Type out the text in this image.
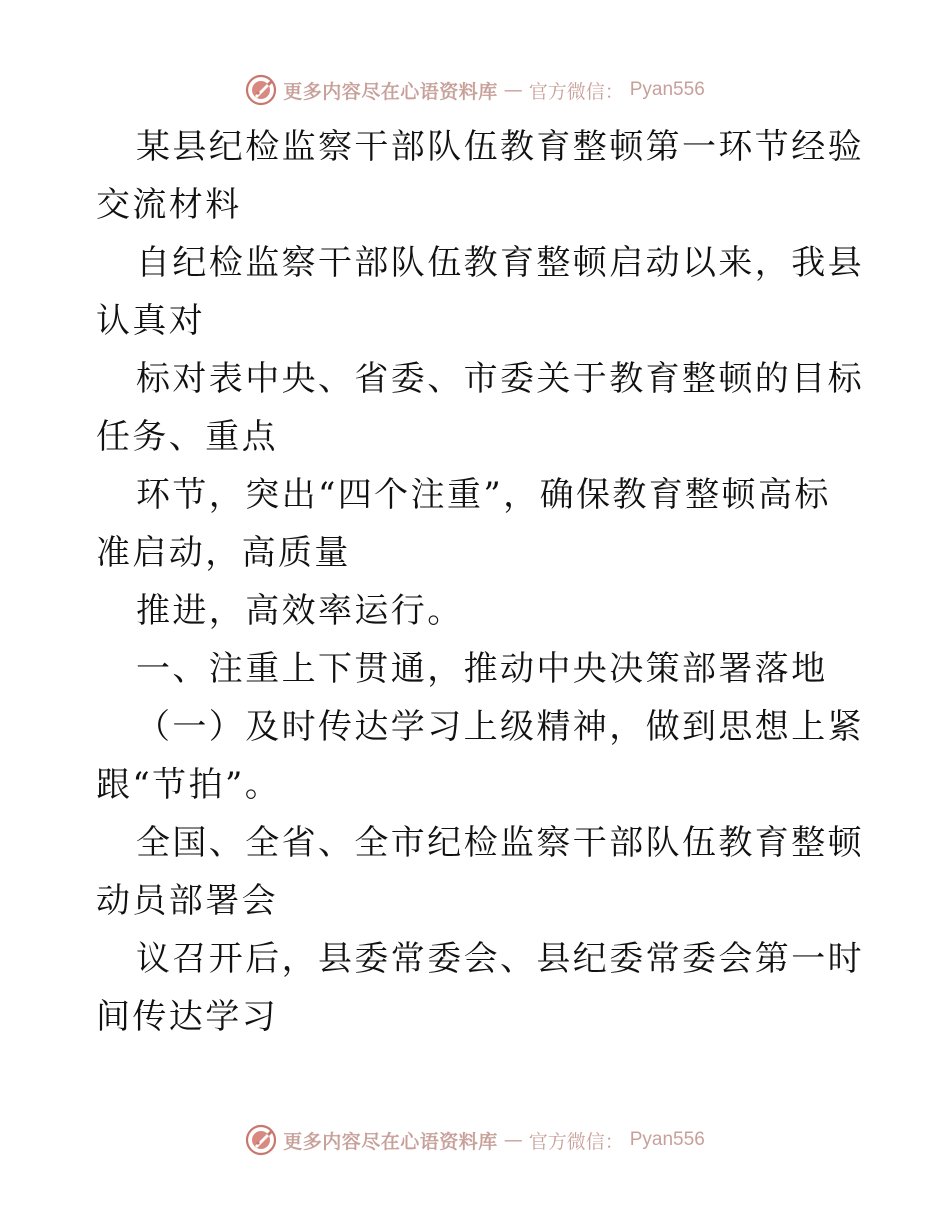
更多内容尽在心语资料库 — 官方微信： Pyan556

某县纪检监察干部队伍教育整顿第一环节经验交流材料

自纪检监察干部队伍教育整顿启动以来，我县认真对

标对表中央、省委、市委关于教育整顿的目标任务、重点

环节，突出“四个注重”，确保教育整顿高标准启动，高质量

推进，高效率运行。

一、注重上下贯通，推动中央决策部署落地

（一）及时传达学习上级精神，做到思想上紧跟“节拍”。

全国、全省、全市纪检监察干部队伍教育整顿动员部署会

议召开后，县委常委会、县纪委常委会第一时间传达学习

更多内容尽在心语资料库 — 官方微信： Pyan556
